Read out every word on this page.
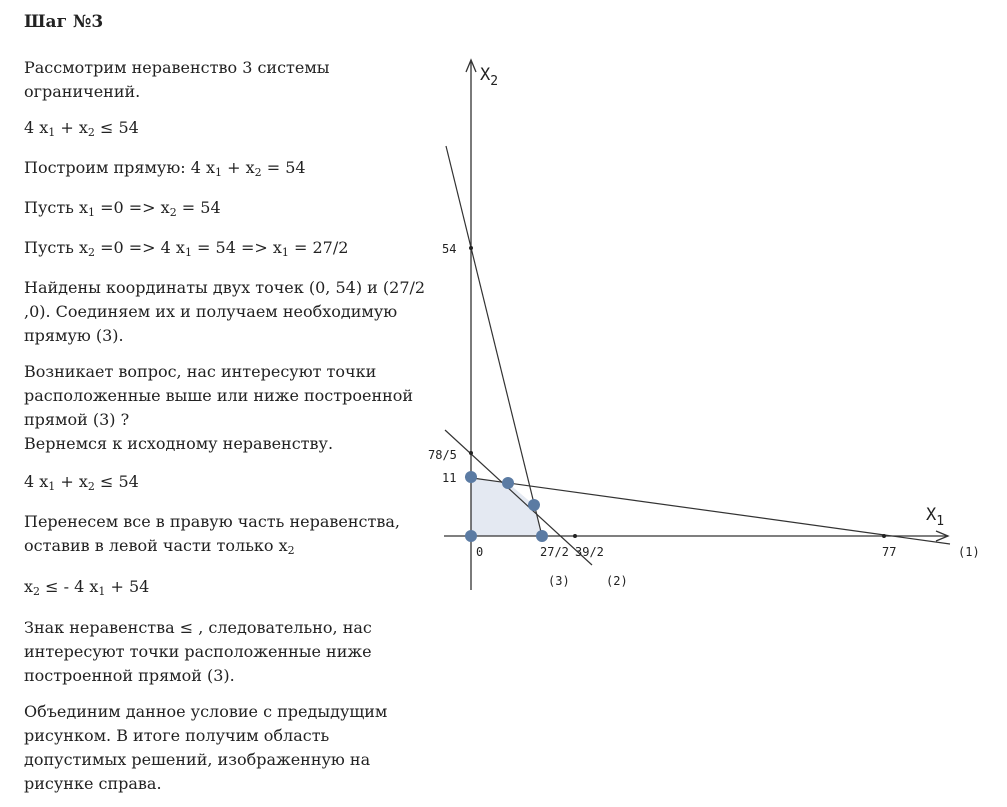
Шаг №3
Рассмотрим неравенство 3 системы
ограничений.
4 $x_1 + x_2 \le 54$
Построим прямую: 4 $x_1 + x_2 = 54$
Пусть $x_1 =0 => x_2 = 54$
Пусть $x_2 =0 => 4$ $x_1 = 54 => x_1 = 27/2$
Найдены координаты двух точек (0, 54) и (27/2
,0). Соединяем их и получаем необходимую
прямую (3).
Возникает вопрос, нас интересуют точки
расположенные выше или ниже построенной
прямой (3) ?
Вернемся к исходному неравенству.
4 $x_1 + x_2 \le 54$
Перенесем все в правую часть неравенства,
оставив в левой части только $x_2$
$x_2$ ≤ - 4 $x_1 + 54$
Знак неравенства ≤ , следовательно, нас
интересуют точки расположенные ниже
построенной прямой (3).
Объединим данное условие с предыдущим
рисунком. В итоге получим область
допустимых решений, изображенную на
рисунке справа.
$X_2$
$X_1$
54
78/5
11
0	27/2 39/2	77	(1)
(2)
(3)
